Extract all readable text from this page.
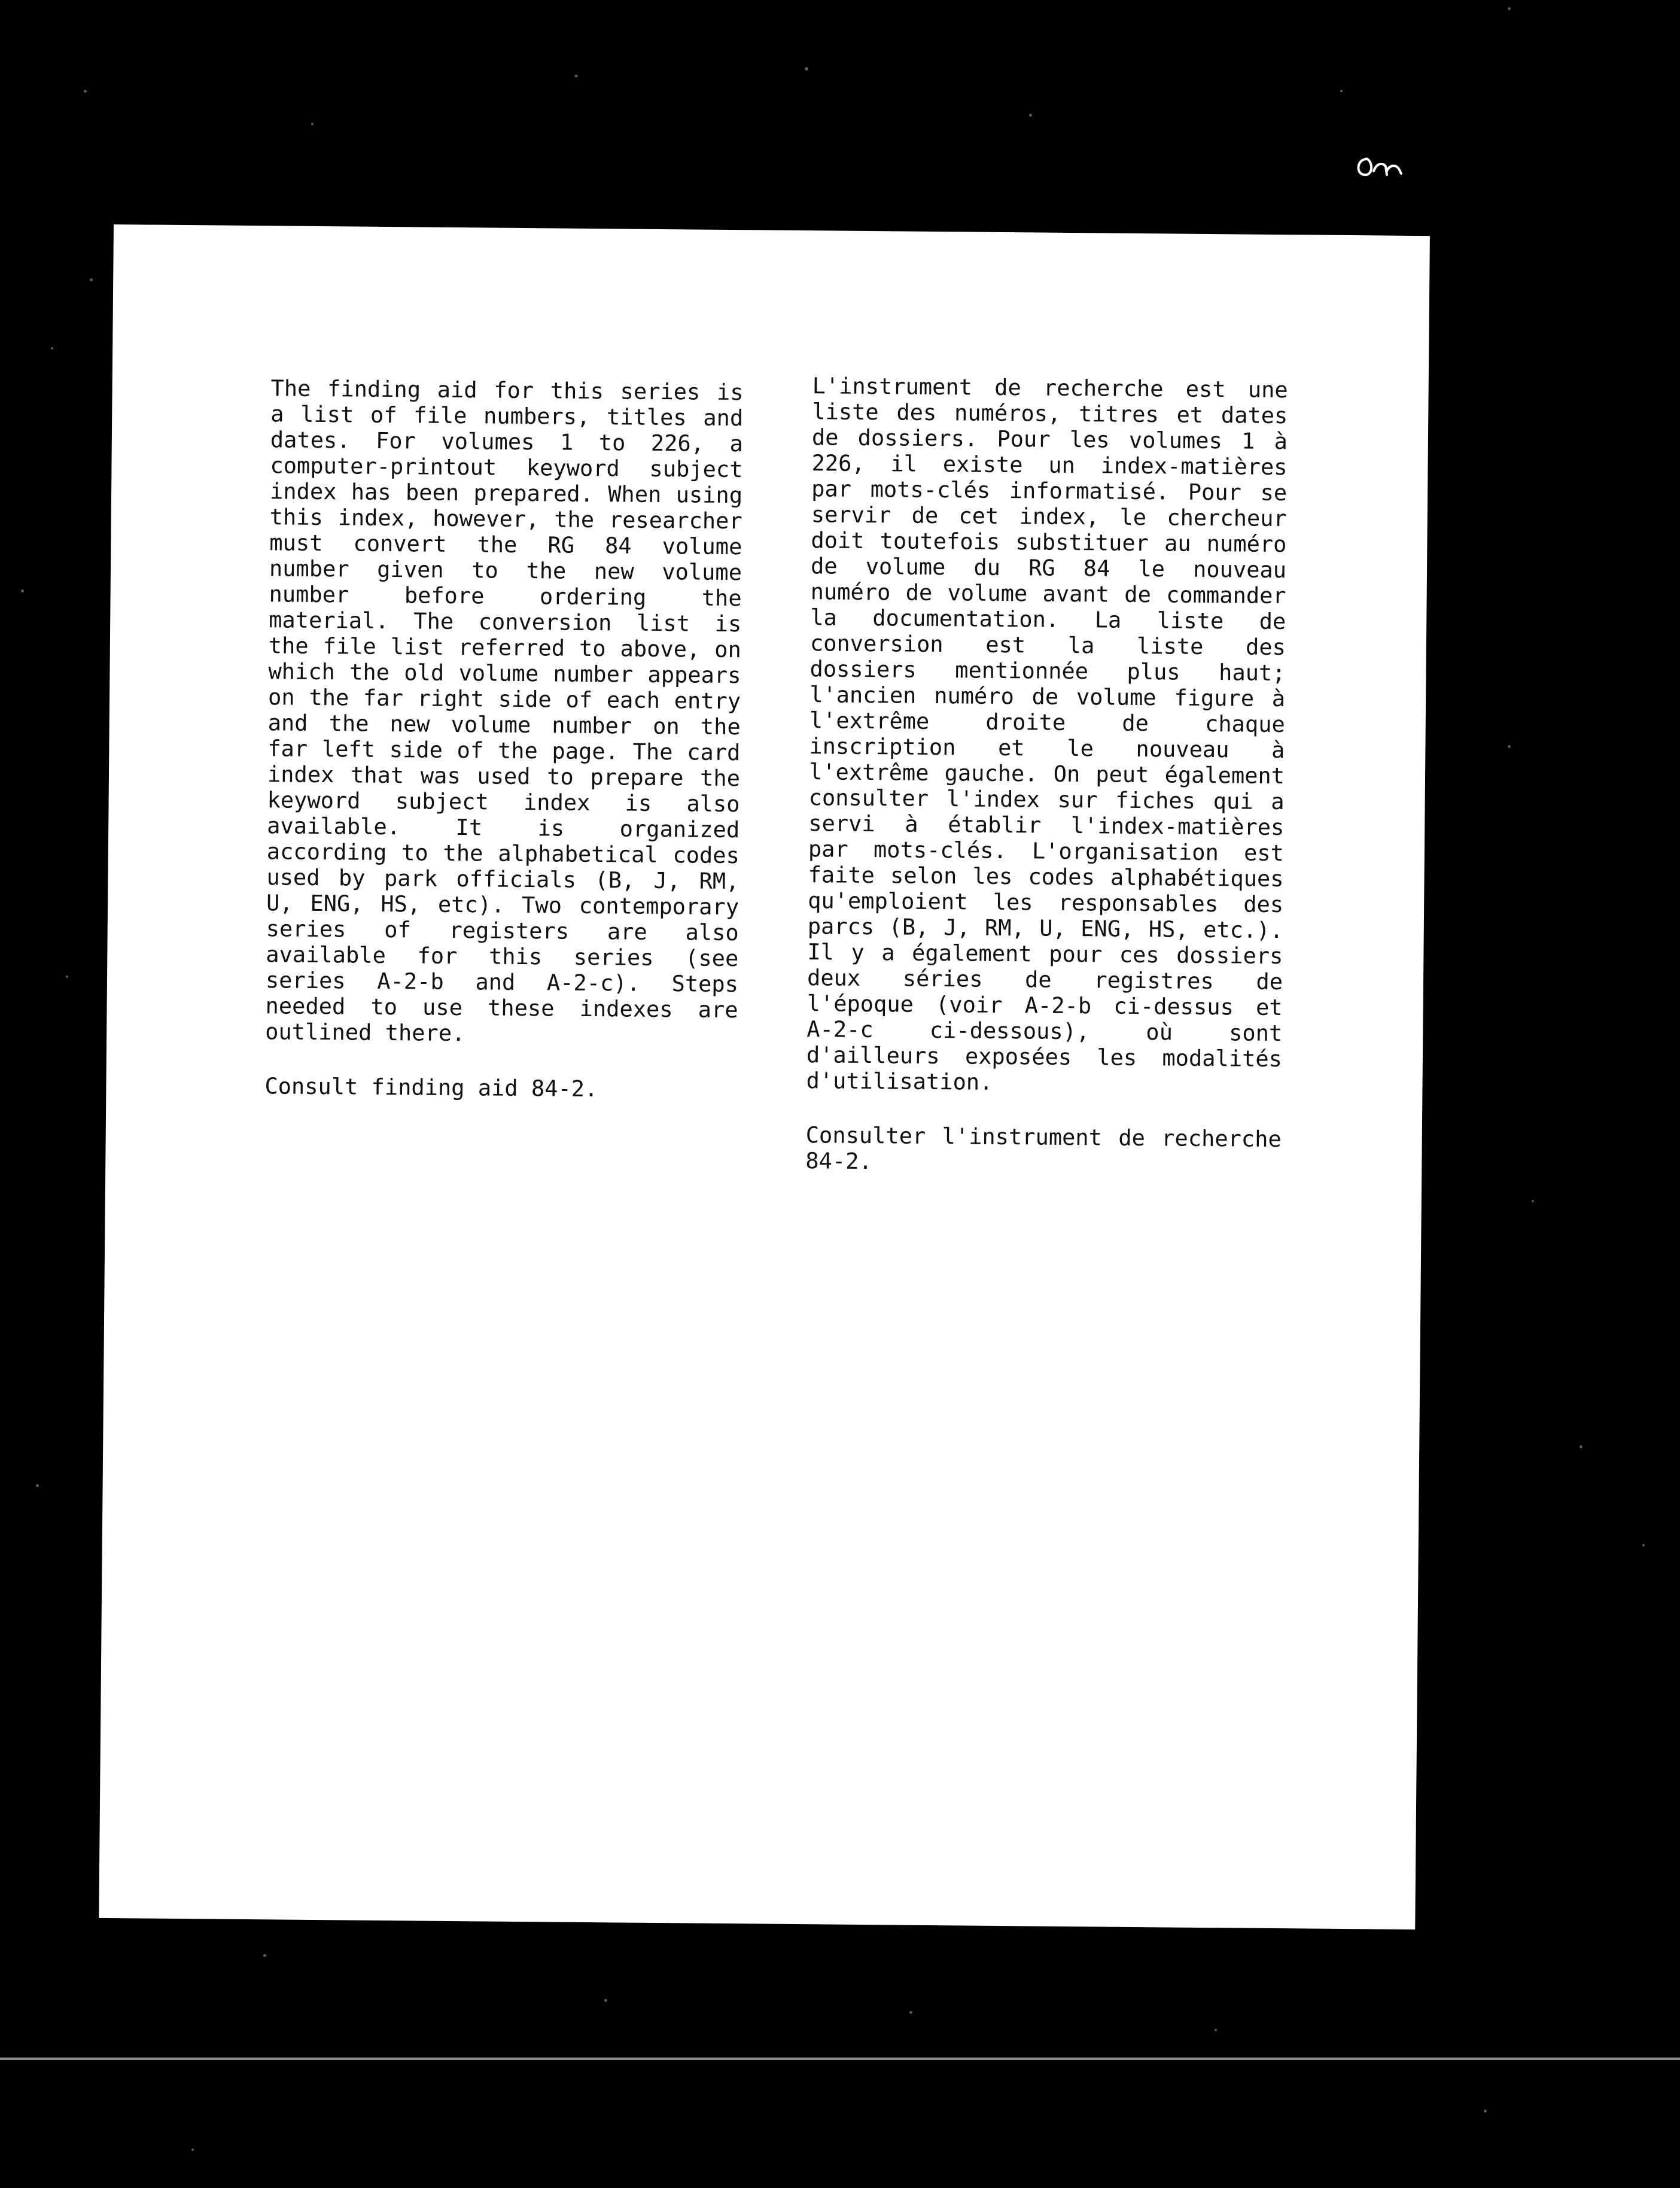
The finding aid for this series is a list of file numbers, titles and dates. For volumes 1 to 226, a computer-printout keyword subject index has been prepared. When using this index, however, the researcher must convert the RG 84 volume number given to the new volume number before ordering the material. The conversion list is the file list referred to above, on which the old volume number appears on the far right side of each entry and the new volume number on the far left side of the page. The card index that was used to prepare the keyword subject index is also available. It is organized according to the alphabetical codes used by park officials (B, J, RM, U, ENG, HS, etc). Two contemporary series of registers are also available for this series (see series A-2-b and A-2-c). Steps needed to use these indexes are outlined there.

Consult finding aid 84-2.

L'instrument de recherche est une liste des numéros, titres et dates de dossiers. Pour les volumes 1 à 226, il existe un index-matières par mots-clés informatisé. Pour se servir de cet index, le chercheur doit toutefois substituer au numéro de volume du RG 84 le nouveau numéro de volume avant de commander la documentation. La liste de conversion est la liste des dossiers mentionnée plus haut; l'ancien numéro de volume figure à l'extrême droite de chaque inscription et le nouveau à l'extrême gauche. On peut également consulter l'index sur fiches qui a servi à établir l'index-matières par mots-clés. L'organisation est faite selon les codes alphabétiques qu'emploient les responsables des parcs (B, J, RM, U, ENG, HS, etc.). Il y a également pour ces dossiers deux séries de registres de l'époque (voir A-2-b ci-dessus et A-2-c ci-dessous), où sont d'ailleurs exposées les modalités d'utilisation.

Consulter l'instrument de recherche 84-2.
